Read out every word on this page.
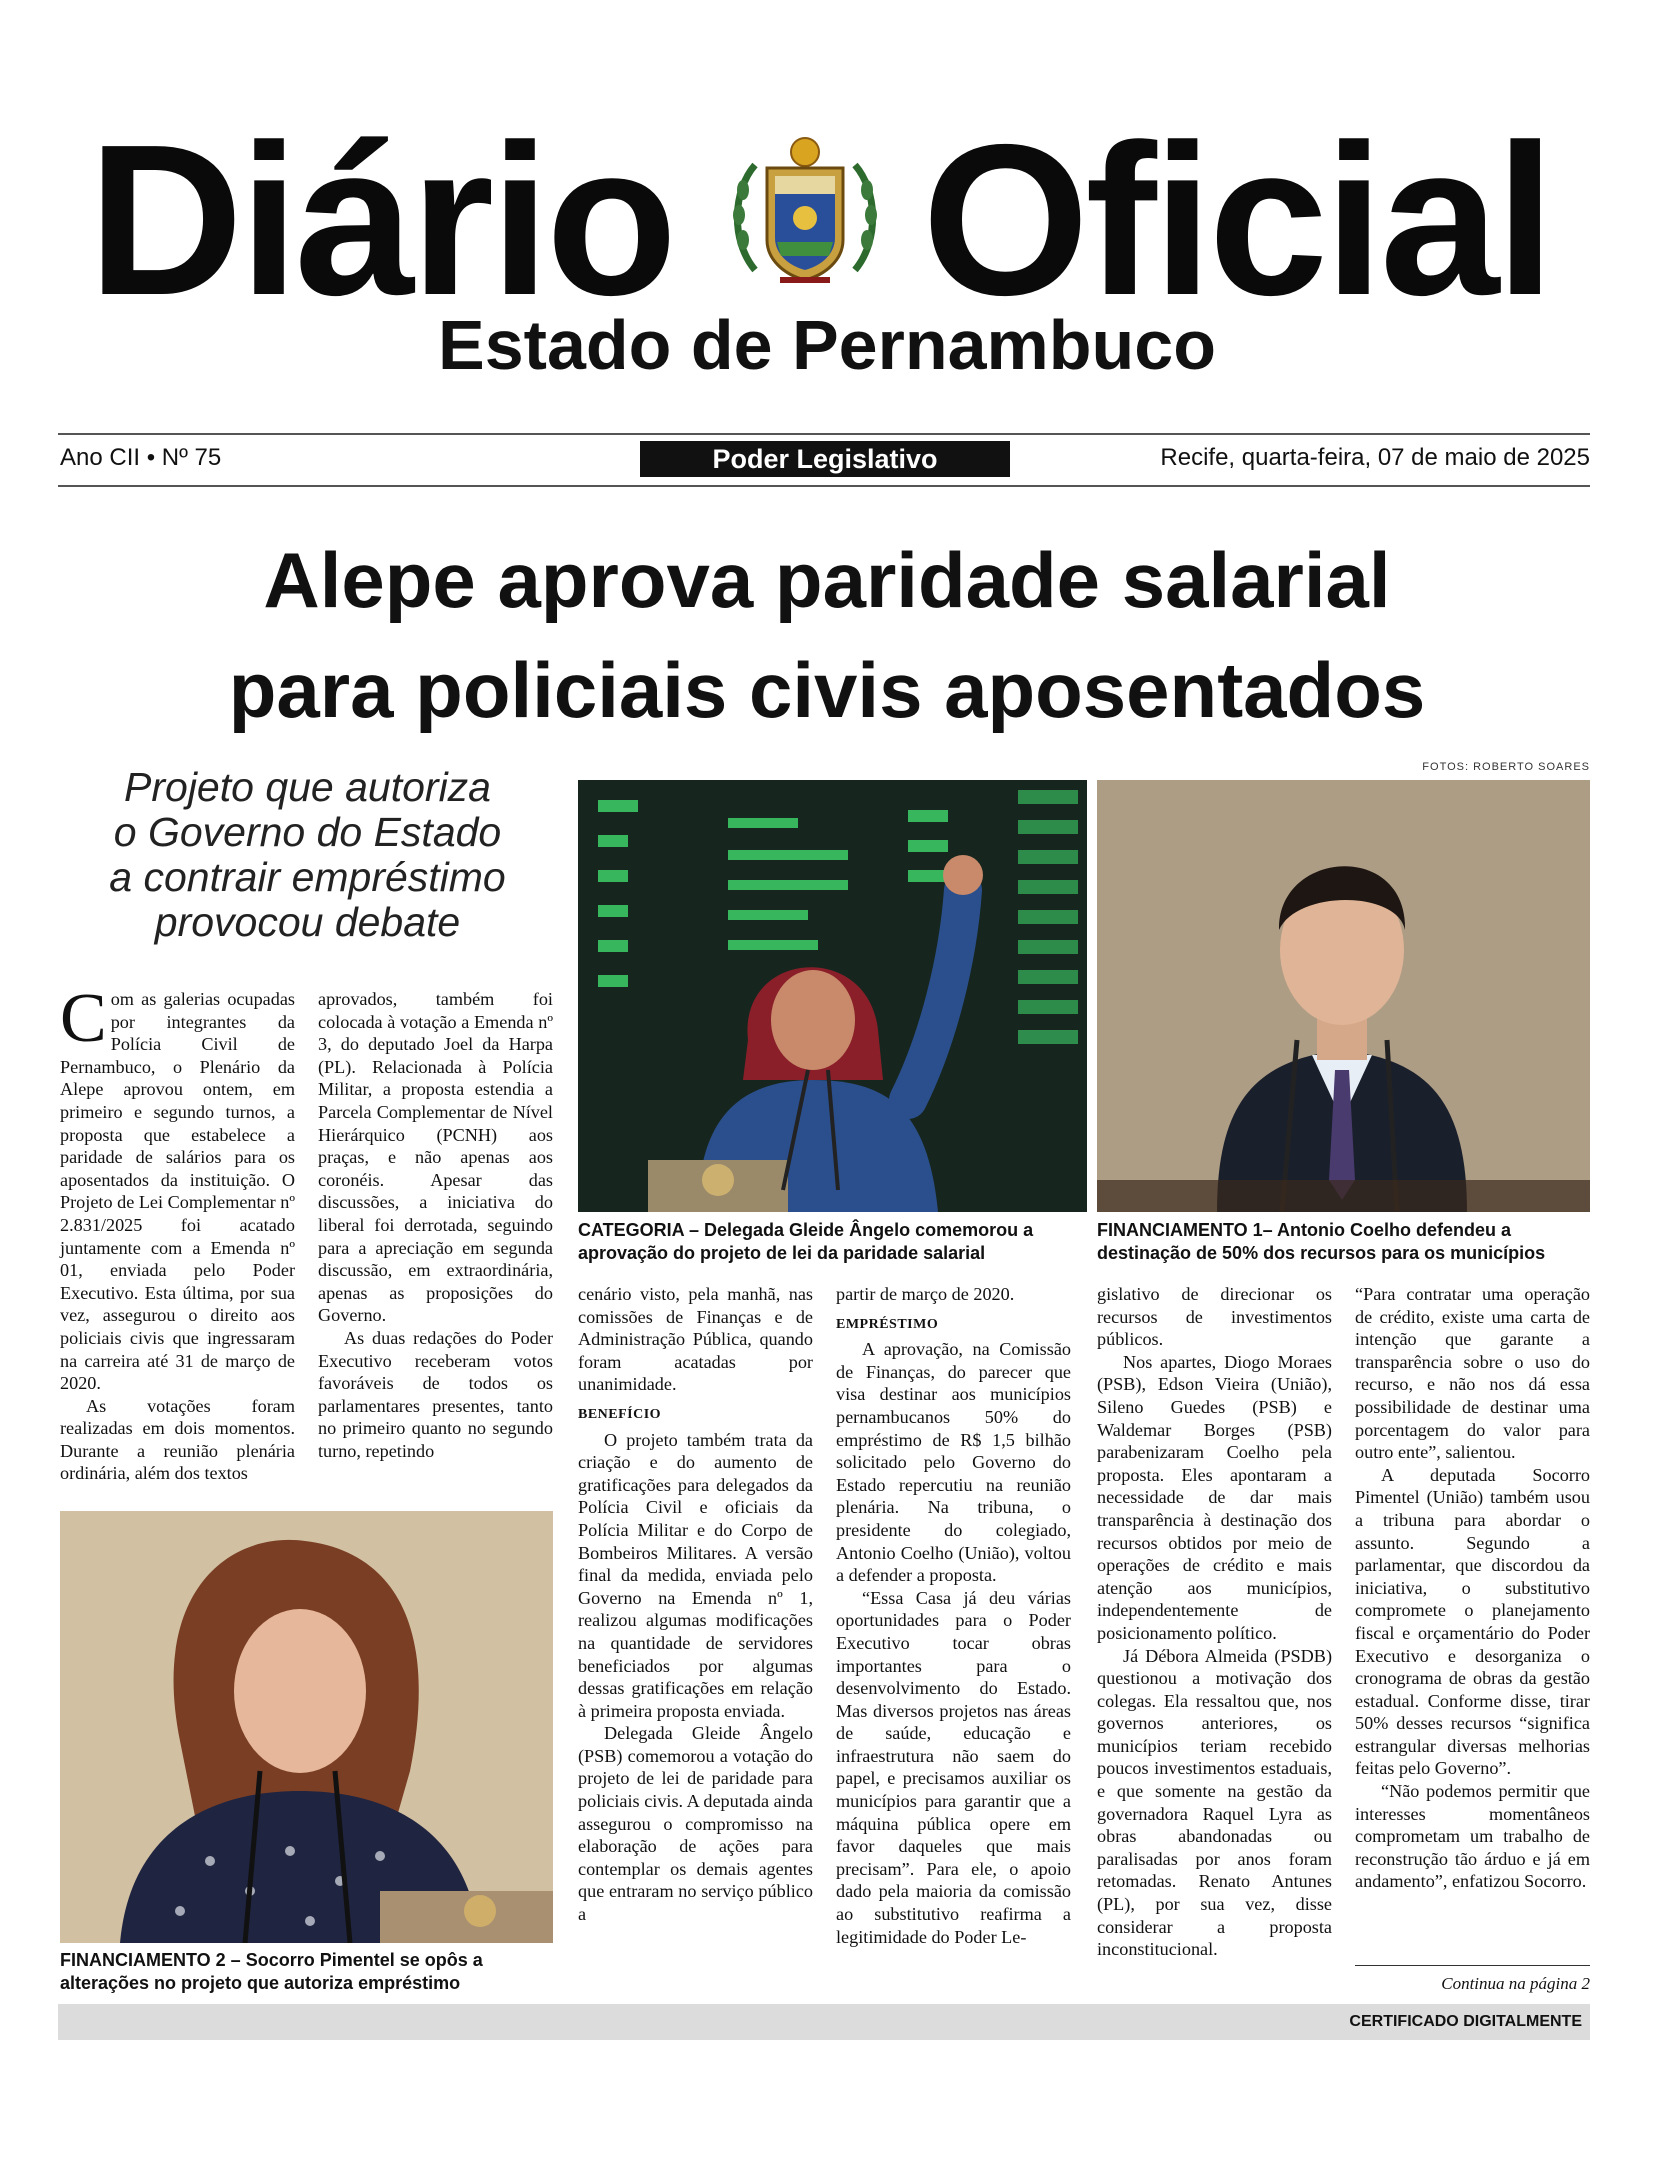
Diário Oficial
Estado de Pernambuco
Ano CII • Nº 75	Poder Legislativo	Recife, quarta-feira, 07 de maio de 2025
Alepe aprova paridade salarial
para policiais civis aposentados
FOTOS: ROBERTO SOARES
Projeto que autoriza
o Governo do Estado
a contrair empréstimo
provocou debate
CATEGORIA – Delegada Gleide Ângelo comemorou a aprovação do projeto de lei da paridade salarial
FINANCIAMENTO 1– Antonio Coelho defendeu a destinação de 50% dos recursos para os municípios
FINANCIAMENTO 2 – Socorro Pimentel se opôs a alterações no projeto que autoriza empréstimo

Com as galerias ocupadas por integrantes da Polícia Civil de Pernambuco, o Plenário da Alepe aprovou ontem, em primeiro e segundo turnos, a proposta que estabelece a paridade de salários para os aposentados da instituição. O Projeto de Lei Complementar nº 2.831/2025 foi acatado juntamente com a Emenda nº 01, enviada pelo Poder Executivo. Esta última, por sua vez, assegurou o direito aos policiais civis que ingressaram na carreira até 31 de março de 2020.

As votações foram realizadas em dois momentos. Durante a reunião plenária ordinária, além dos textos

aprovados, também foi colocada à votação a Emenda nº 3, do deputado Joel da Harpa (PL). Relacionada à Polícia Militar, a proposta estendia a Parcela Complementar de Nível Hierárquico (PCNH) aos praças, e não apenas aos coronéis. Apesar das discussões, a iniciativa do liberal foi derrotada, seguindo para a apreciação em segunda discussão, em extraordinária, apenas as proposições do Governo.

As duas redações do Poder Executivo receberam votos favoráveis de todos os parlamentares presentes, tanto no primeiro quanto no segundo turno, repetindo

cenário visto, pela manhã, nas comissões de Finanças e de Administração Pública, quando foram acatadas por unanimidade.

BENEFÍCIO

O projeto também trata da criação e do aumento de gratificações para delegados da Polícia Civil e oficiais da Polícia Militar e do Corpo de Bombeiros Militares. A versão final da medida, enviada pelo Governo na Emenda nº 1, realizou algumas modificações na quantidade de servidores beneficiados por algumas dessas gratificações em relação à primeira proposta enviada.

Delegada Gleide Ângelo (PSB) comemorou a votação do projeto de lei de paridade para policiais civis. A deputada ainda assegurou o compromisso na elaboração de ações para contemplar os demais agentes que entraram no serviço público a

partir de março de 2020.

EMPRÉSTIMO

A aprovação, na Comissão de Finanças, do parecer que visa destinar aos municípios pernambucanos 50% do empréstimo de R$ 1,5 bilhão solicitado pelo Governo do Estado repercutiu na reunião plenária. Na tribuna, o presidente do colegiado, Antonio Coelho (União), voltou a defender a proposta.

“Essa Casa já deu várias oportunidades para o Poder Executivo tocar obras importantes para o desenvolvimento do Estado. Mas diversos projetos nas áreas de saúde, educação e infraestrutura não saem do papel, e precisamos auxiliar os municípios para garantir que a máquina pública opere em favor daqueles que mais precisam”. Para ele, o apoio dado pela maioria da comissão ao substitutivo reafirma a legitimidade do Poder Le-

gislativo de direcionar os recursos de investimentos públicos.

Nos apartes, Diogo Moraes (PSB), Edson Vieira (União), Sileno Guedes (PSB) e Waldemar Borges (PSB) parabenizaram Coelho pela proposta. Eles apontaram a necessidade de dar mais transparência à destinação dos recursos obtidos por meio de operações de crédito e mais atenção aos municípios, independentemente de posicionamento político.

Já Débora Almeida (PSDB) questionou a motivação dos colegas. Ela ressaltou que, nos governos anteriores, os municípios teriam recebido poucos investimentos estaduais, e que somente na gestão da governadora Raquel Lyra as obras abandonadas ou paralisadas por anos foram retomadas. Renato Antunes (PL), por sua vez, disse considerar a proposta inconstitucional.

“Para contratar uma operação de crédito, existe uma carta de intenção que garante a transparência sobre o uso do recurso, e não nos dá essa possibilidade de destinar uma porcentagem do valor para outro ente”, salientou.

A deputada Socorro Pimentel (União) também usou a tribuna para abordar o assunto. Segundo a parlamentar, que discordou da iniciativa, o substitutivo compromete o planejamento fiscal e orçamentário do Poder Executivo e desorganiza o cronograma de obras da gestão estadual. Conforme disse, tirar 50% desses recursos “significa estrangular diversas melhorias feitas pelo Governo”.

“Não podemos permitir que interesses momentâneos comprometam um trabalho de reconstrução tão árduo e já em andamento”, enfatizou Socorro.

Continua na página 2
CERTIFICADO DIGITALMENTE
